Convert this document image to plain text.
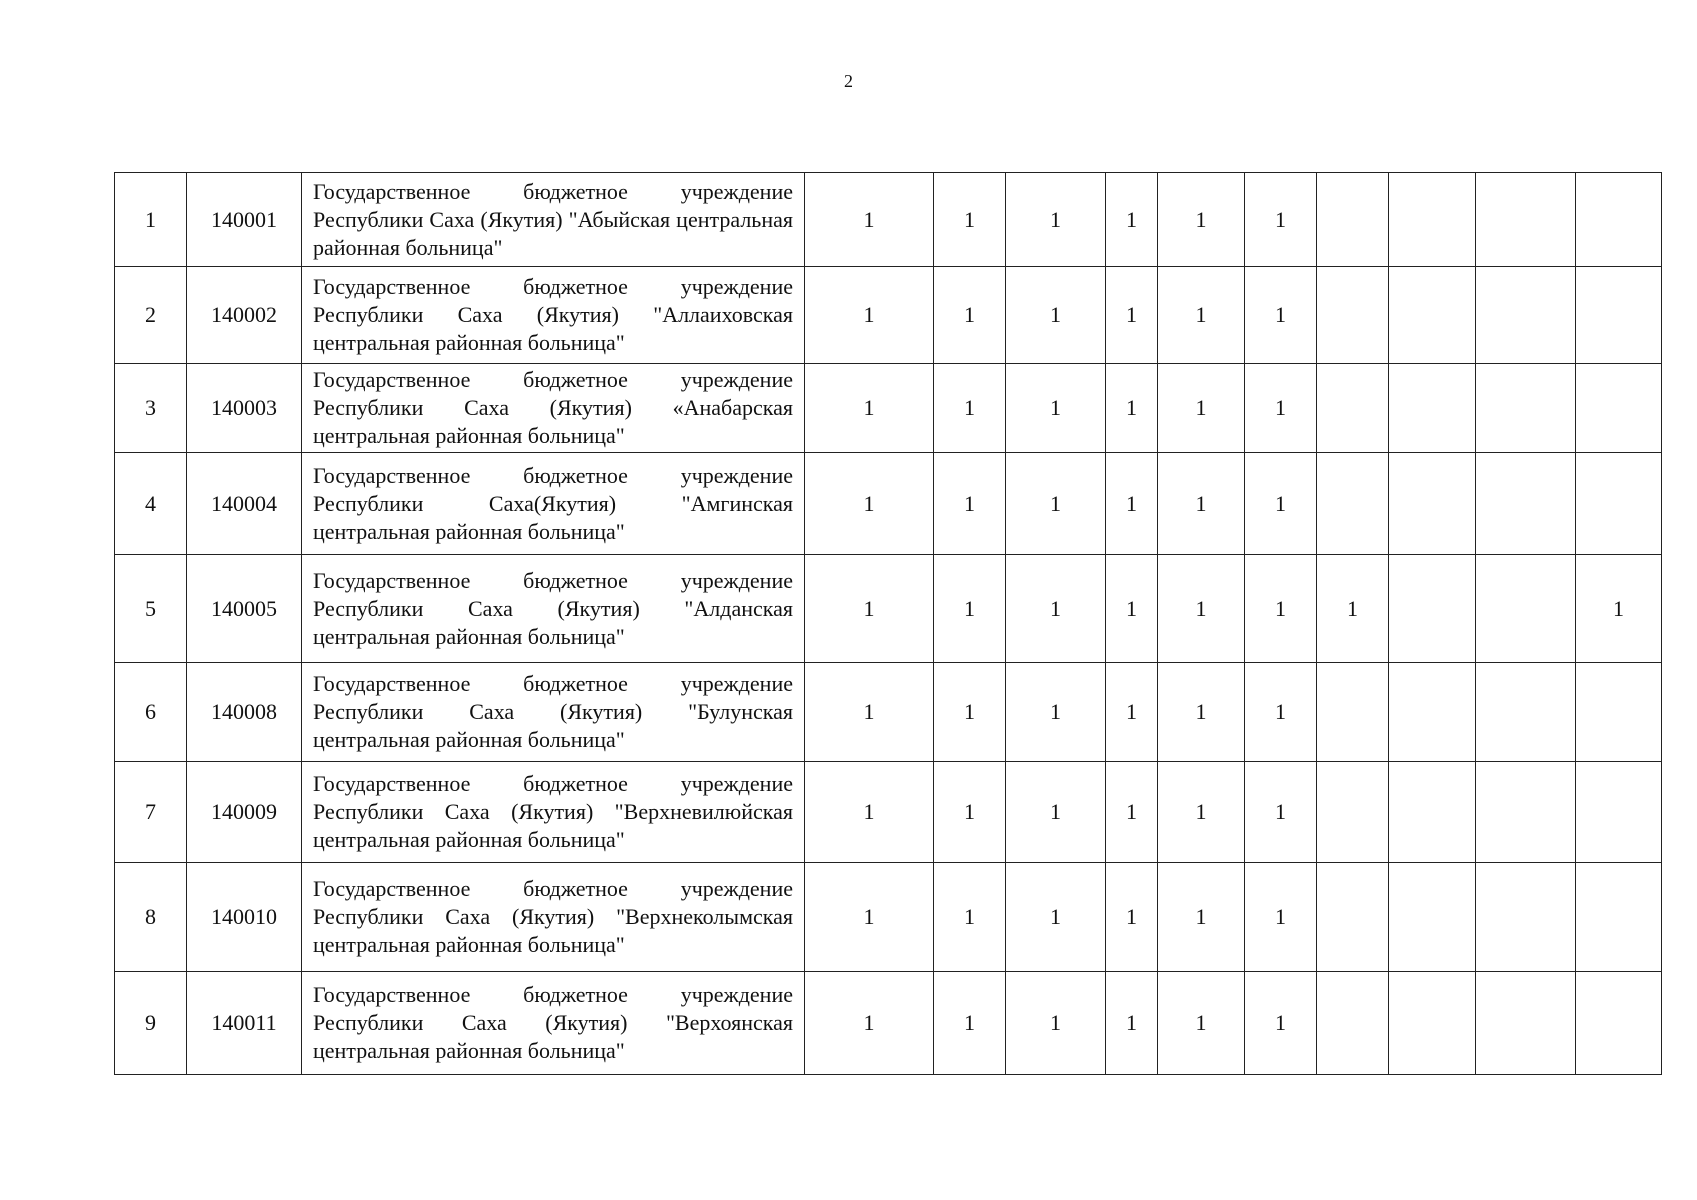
2
1	140001	Государственное бюджетное учреждение Республики Саха (Якутия) "Абыйская центральная районная больница"	1	1	1	1	1	1				
2	140002	Государственное бюджетное учреждение Республики Саха (Якутия) "Аллаиховская центральная районная больница"	1	1	1	1	1	1				
3	140003	Государственное бюджетное учреждение Республики Саха (Якутия) «Анабарская центральная районная больница"	1	1	1	1	1	1				
4	140004	Государственное бюджетное учреждение Республики Саха(Якутия) "Амгинская центральная районная больница"	1	1	1	1	1	1				
5	140005	Государственное бюджетное учреждение Республики Саха (Якутия) "Алданская центральная районная больница"	1	1	1	1	1	1	1			1
6	140008	Государственное бюджетное учреждение Республики Саха (Якутия) "Булунская центральная районная больница"	1	1	1	1	1	1				
7	140009	Государственное бюджетное учреждение Республики Саха (Якутия) "Верхневилюйская центральная районная больница"	1	1	1	1	1	1				
8	140010	Государственное бюджетное учреждение Республики Саха (Якутия) "Верхнеколымская центральная районная больница"	1	1	1	1	1	1				
9	140011	Государственное бюджетное учреждение Республики Саха (Якутия) "Верхоянская центральная районная больница"	1	1	1	1	1	1				
